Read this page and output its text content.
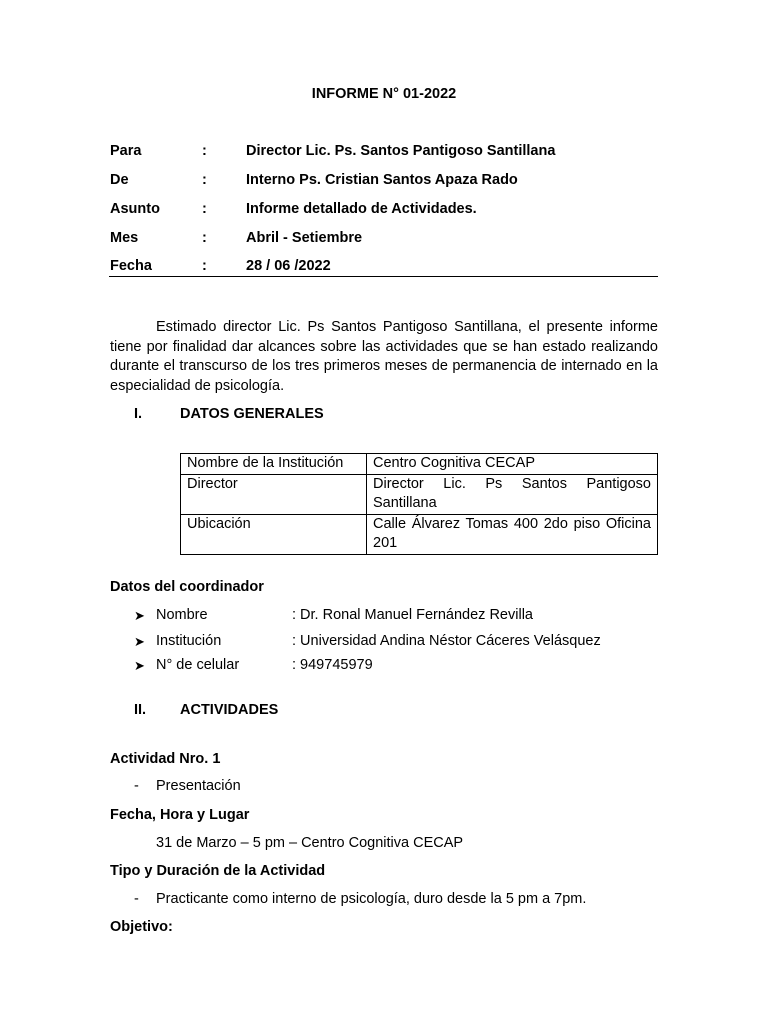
INFORME N° 01-2022
Para	:	Director Lic. Ps. Santos Pantigoso Santillana
De	:	Interno Ps. Cristian Santos Apaza Rado
Asunto	:	Informe detallado de Actividades.
Mes	:	Abril - Setiembre
Fecha	:	28 / 06 /2022

Estimado director Lic. Ps Santos Pantigoso Santillana, el presente informe tiene por finalidad dar alcances sobre las actividades que se han estado realizando durante el transcurso de los tres primeros meses de permanencia de internado en la especialidad de psicología.

I.	DATOS GENERALES
Nombre de la Institución	Centro Cognitiva CECAP
Director	Director Lic. Ps Santos Pantigoso Santillana
Ubicación	Calle Álvarez Tomas 400 2do piso Oficina 201
Datos del coordinador
➤ Nombre	: Dr. Ronal Manuel Fernández Revilla
➤ Institución	: Universidad Andina Néstor Cáceres Velásquez
➤ N° de celular	: 949745979
II. ACTIVIDADES
Actividad Nro. 1
- Presentación
Fecha, Hora y Lugar
31 de Marzo – 5 pm – Centro Cognitiva CECAP
Tipo y Duración de la Actividad
- Practicante como interno de psicología, duro desde la 5 pm a 7pm.
Objetivo:
